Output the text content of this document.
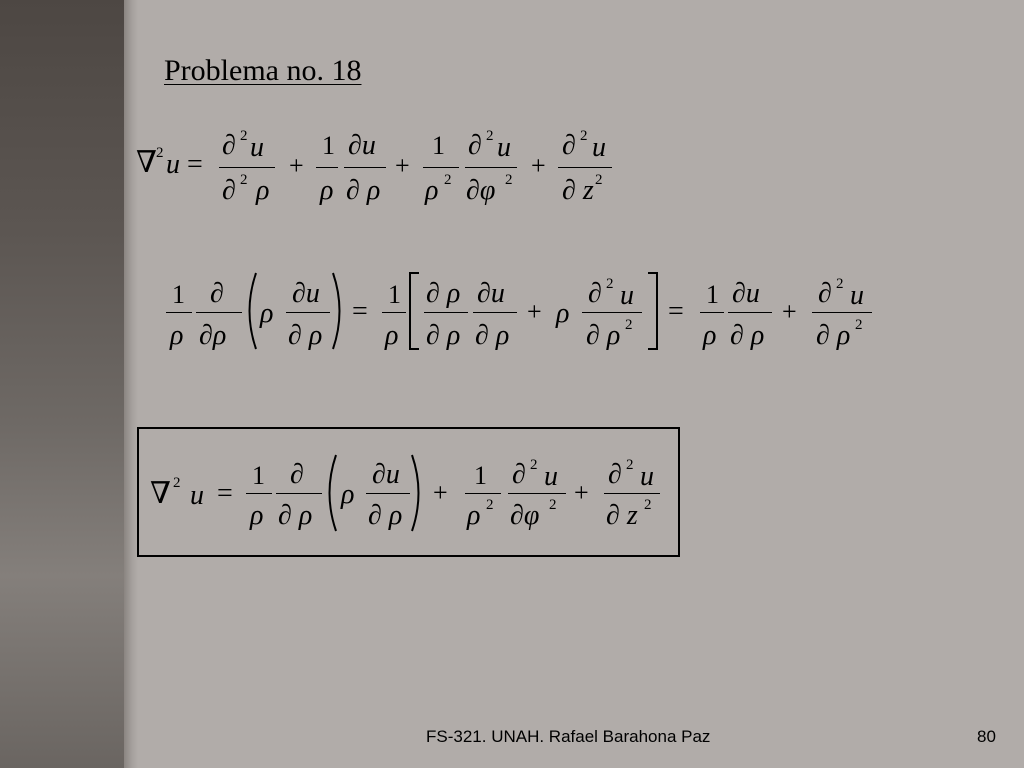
Problema no. 18
∇ 2 u =
∂ 2 u
∂ 2 ρ
+
1
ρ
∂u
∂ ρ
+
1
ρ 2
∂ 2 u
∂φ 2 +
∂ 2 u
∂ z 2
1
ρ
∂
∂ρ
ρ
∂u
∂ ρ
=
1
ρ
∂ ρ
∂ ρ
∂u
∂ ρ
+ ρ
∂ 2 u
∂ ρ 2 =
1
ρ
∂u
∂ ρ
+
∂ 2 u
∂ ρ 2
∇ 2 u =
1
ρ
∂
∂ ρ
ρ
∂u
∂ ρ
+
1
ρ 2
∂ 2 u
∂φ 2 +
∂ 2 u
∂ z 2
FS-321. UNAH. Rafael Barahona Paz	80
